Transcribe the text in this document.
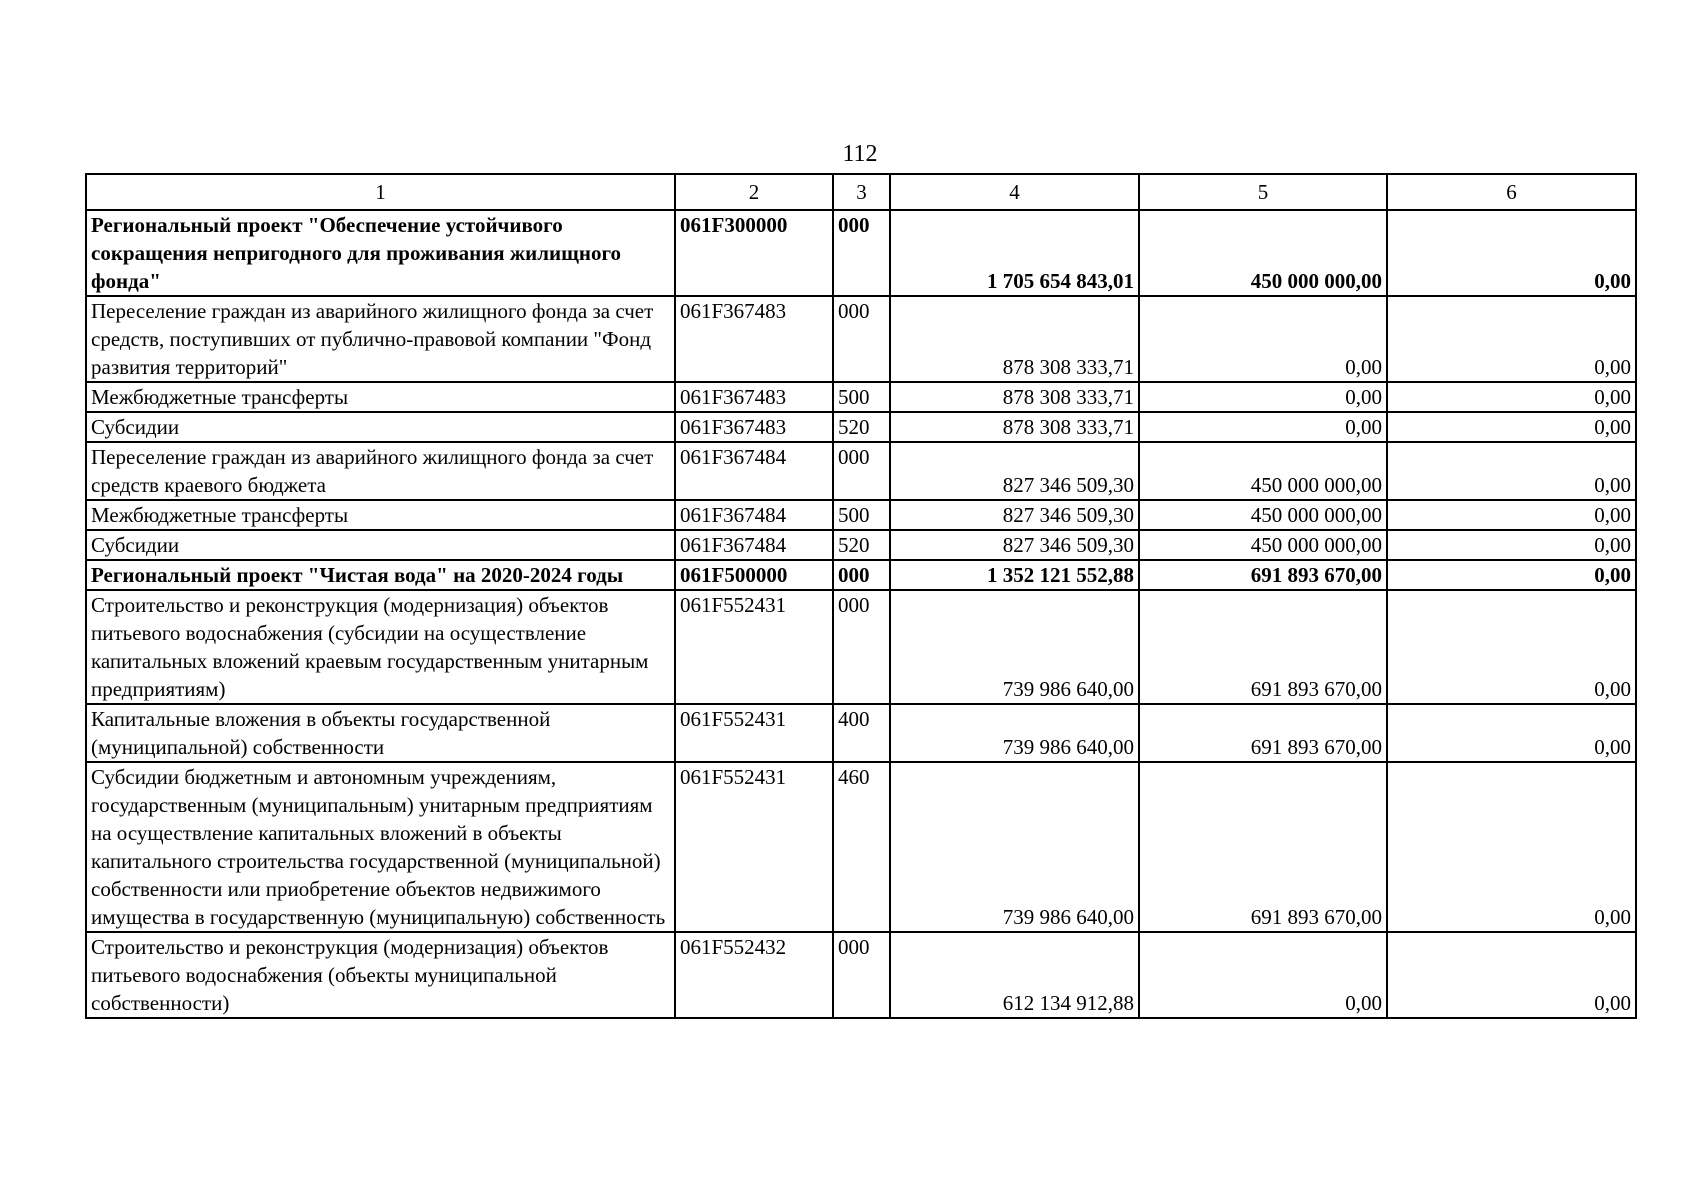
112
1	2	3	4	5	6
Региональный проект "Обеспечение устойчивого сокращения непригодного для проживания жилищного фонда"	061F300000	000	1 705 654 843,01	450 000 000,00	0,00
Переселение граждан из аварийного жилищного фонда за счет средств, поступивших от публично-правовой компании "Фонд развития территорий"	061F367483	000	878 308 333,71	0,00	0,00
Межбюджетные трансферты	061F367483	500	878 308 333,71	0,00	0,00
Субсидии	061F367483	520	878 308 333,71	0,00	0,00
Переселение граждан из аварийного жилищного фонда за счет средств краевого бюджета	061F367484	000	827 346 509,30	450 000 000,00	0,00
Межбюджетные трансферты	061F367484	500	827 346 509,30	450 000 000,00	0,00
Субсидии	061F367484	520	827 346 509,30	450 000 000,00	0,00
Региональный проект "Чистая вода" на 2020-2024 годы	061F500000	000	1 352 121 552,88	691 893 670,00	0,00
Строительство и реконструкция (модернизация) объектов питьевого водоснабжения (субсидии на осуществление капитальных вложений краевым государственным унитарным предприятиям)	061F552431	000	739 986 640,00	691 893 670,00	0,00
Капитальные вложения в объекты государственной (муниципальной) собственности	061F552431	400	739 986 640,00	691 893 670,00	0,00
Субсидии бюджетным и автономным учреждениям, государственным (муниципальным) унитарным предприятиям на осуществление капитальных вложений в объекты капитального строительства государственной (муниципальной) собственности или приобретение объектов недвижимого имущества в государственную (муниципальную) собственность	061F552431	460	739 986 640,00	691 893 670,00	0,00
Строительство и реконструкция (модернизация) объектов питьевого водоснабжения (объекты муниципальной собственности)	061F552432	000	612 134 912,88	0,00	0,00
